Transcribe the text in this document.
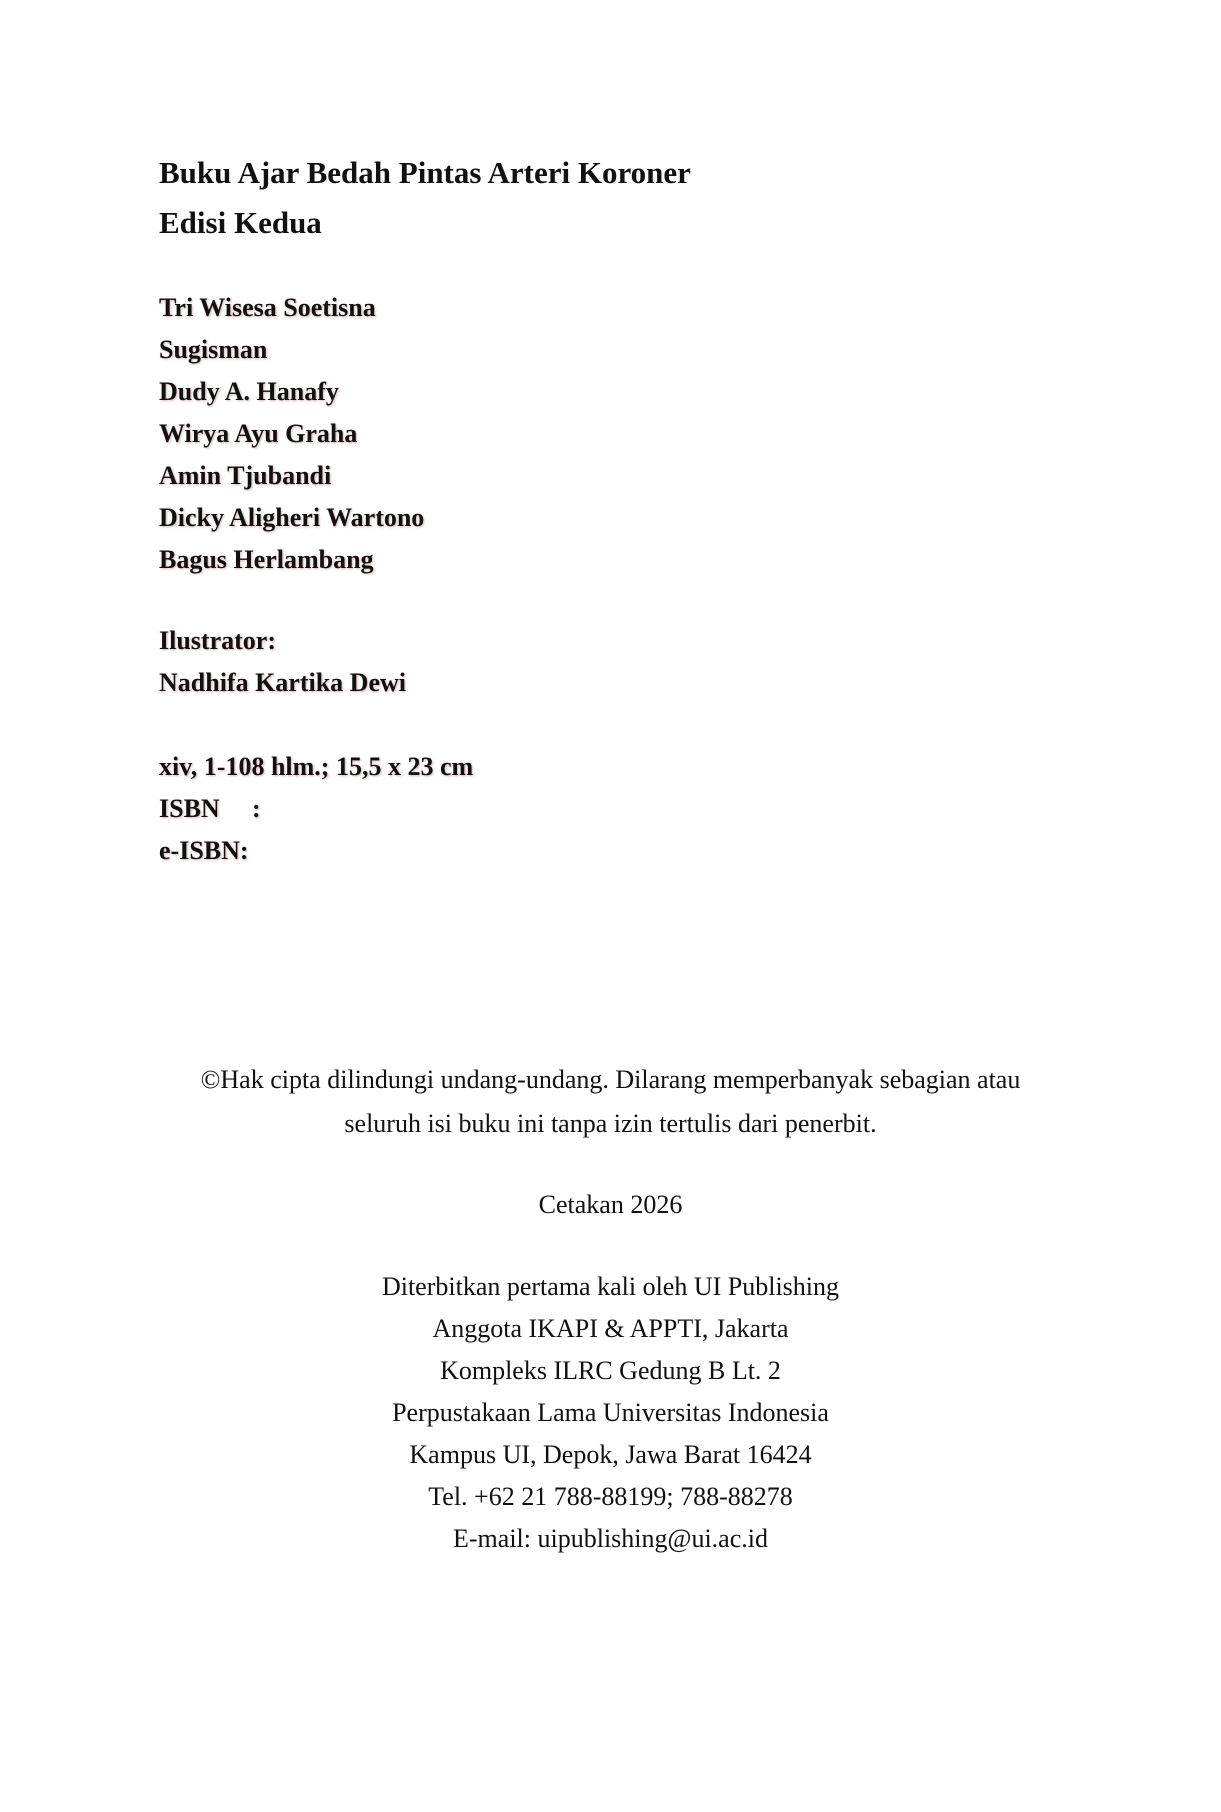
Buku Ajar Bedah Pintas Arteri Koroner

Edisi Kedua

Tri Wisesa Soetisna
Sugisman
Dudy A. Hanafy
Wirya Ayu Graha
Amin Tjubandi
Dicky Aligheri Wartono
Bagus Herlambang
Ilustrator:
Nadhifa Kartika Dewi
xiv, 1-108 hlm.; 15,5 x 23 cm
ISBN :
e-ISBN:
©Hak cipta dilindungi undang-undang. Dilarang memperbanyak sebagian atau
seluruh isi buku ini tanpa izin tertulis dari penerbit.
Cetakan 2026
Diterbitkan pertama kali oleh UI Publishing
Anggota IKAPI & APPTI, Jakarta
Kompleks ILRC Gedung B Lt. 2
Perpustakaan Lama Universitas Indonesia
Kampus UI, Depok, Jawa Barat 16424
Tel. +62 21 788-88199; 788-88278
E-mail: uipublishing@ui.ac.id
